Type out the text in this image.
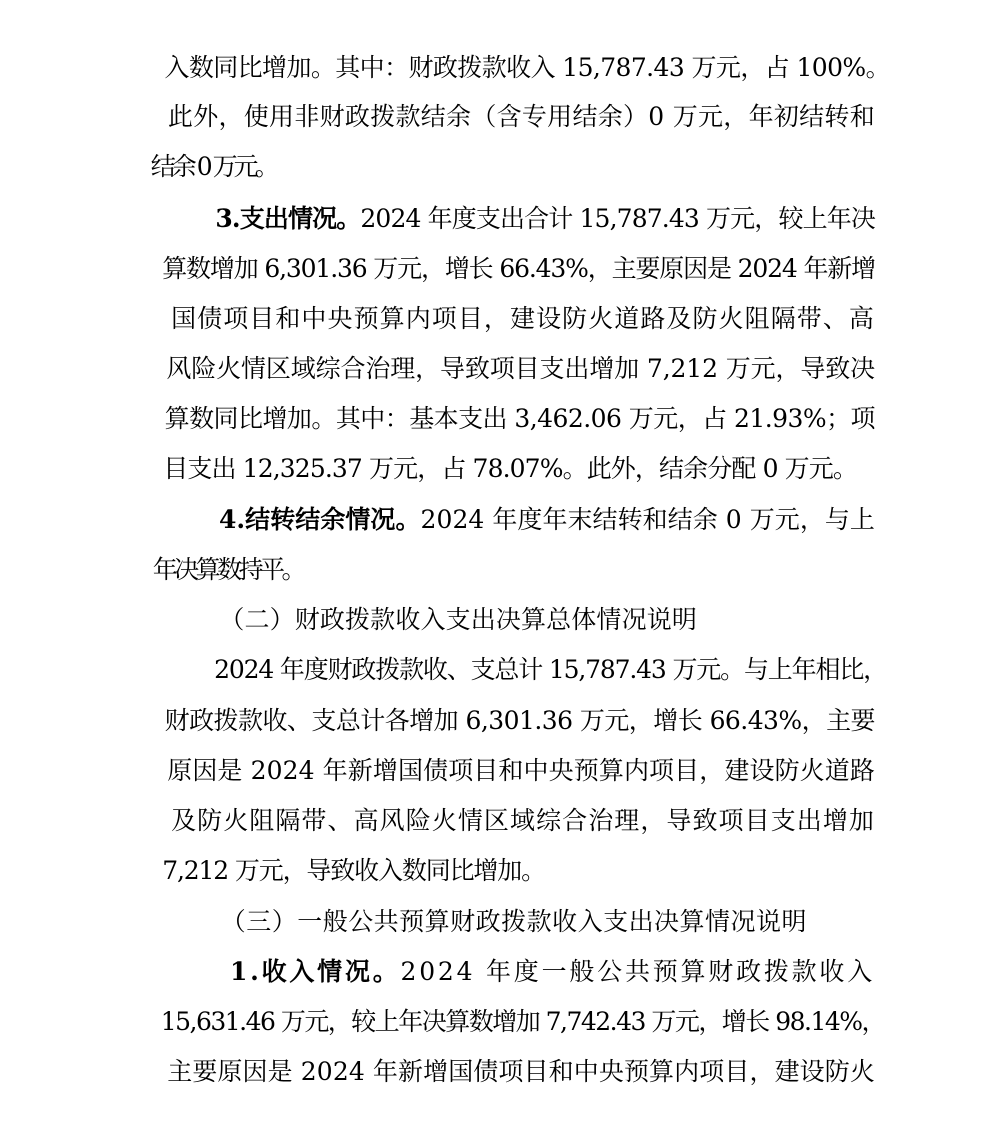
入数同比增加。其中：财政拨款收入 15,787.43 万元，占 100%。

此外，使用非财政拨款结余（含专用结余）0 万元，年初结转和

结余 0 万元。

3.支出情况。2024 年度支出合计 15,787.43 万元，较上年决

算数增加 6,301.36 万元，增长 66.43%，主要原因是 2024 年新增

国债项目和中央预算内项目，建设防火道路及防火阻隔带、高

风险火情区域综合治理，导致项目支出增加 7,212 万元，导致决

算数同比增加。其中：基本支出 3,462.06 万元，占 21.93%；项

目支出 12,325.37 万元，占 78.07%。此外，结余分配 0 万元。

4.结转结余情况。2024 年度年末结转和结余 0 万元，与上

年决算数持平。

（二）财政拨款收入支出决算总体情况说明

2024 年度财政拨款收、支总计 15,787.43 万元。与上年相比，

财政拨款收、支总计各增加 6,301.36 万元，增长 66.43%，主要

原因是 2024 年新增国债项目和中央预算内项目，建设防火道路

及防火阻隔带、高风险火情区域综合治理，导致项目支出增加

7,212 万元，导致收入数同比增加。

（三）一般公共预算财政拨款收入支出决算情况说明

1.收入情况。2024 年度一般公共预算财政拨款收入

15,631.46 万元，较上年决算数增加 7,742.43 万元，增长 98.14%，

主要原因是 2024 年新增国债项目和中央预算内项目，建设防火
